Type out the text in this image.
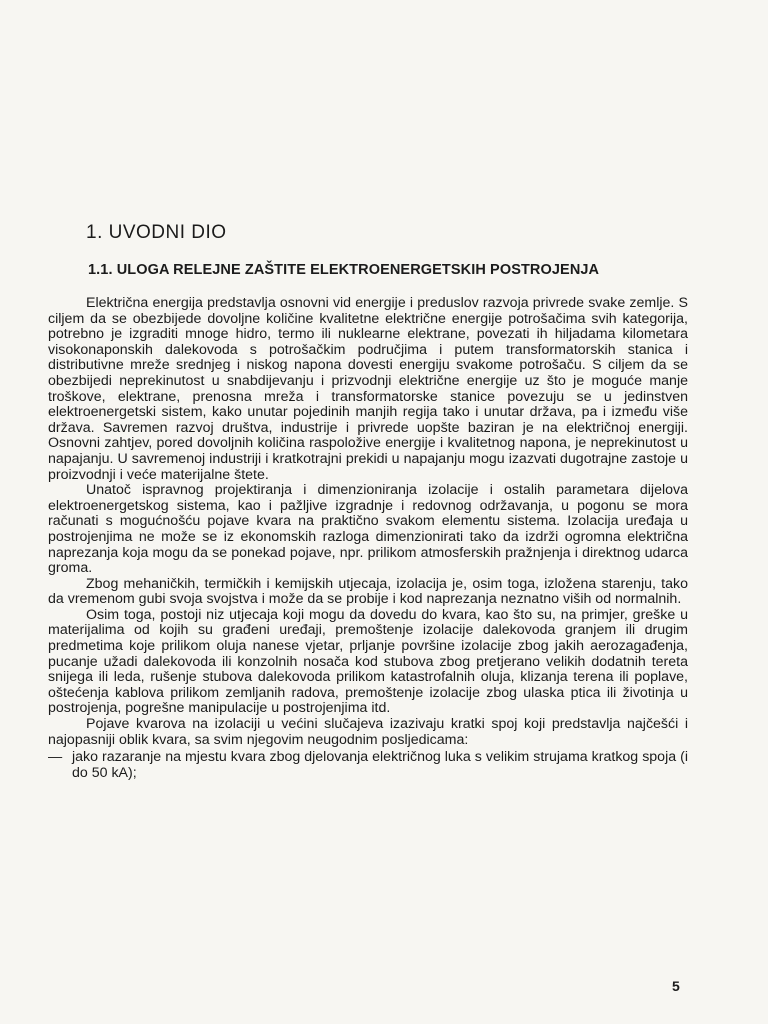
1. UVODNI DIO
1.1. ULOGA RELEJNE ZAŠTITE ELEKTROENERGETSKIH POSTROJENJA

Električna energija predstavlja osnovni vid energije i preduslov razvoja privrede svake zemlje. S ciljem da se obezbijede dovoljne količine kvalitetne električne energije potrošačima svih kategorija, potrebno je izgraditi mnoge hidro, termo ili nuklearne elektrane, povezati ih hiljadama kilometara visokonaponskih dalekovoda s potrošačkim područjima i putem transformatorskih stanica i distributivne mreže srednjeg i niskog napona dovesti energiju svakome potrošaču. S ciljem da se obezbijedi neprekinutost u snabdijevanju i prizvodnji električne energije uz što je moguće manje troškove, elektrane, prenosna mreža i transformatorske stanice povezuju se u jedinstven elektroenergetski sistem, kako unutar pojedinih manjih regija tako i unutar država, pa i između više država. Savremen razvoj društva, industrije i privrede uopšte baziran je na električnoj energiji. Osnovni zahtjev, pored dovoljnih količina raspoložive energije i kvalitetnog napona, je neprekinutost u napajanju. U savremenoj industriji i kratkotrajni prekidi u napajanju mogu izazvati dugotrajne zastoje u proizvodnji i veće materijalne štete.

Unatoč ispravnog projektiranja i dimenzioniranja izolacije i ostalih parametara dijelova elektroenergetskog sistema, kao i pažljive izgradnje i redovnog održavanja, u pogonu se mora računati s mogućnošću pojave kvara na praktično svakom elementu sistema. Izolacija uređaja u postrojenjima ne može se iz ekonomskih razloga dimenzionirati tako da izdrži ogromna električna naprezanja koja mogu da se ponekad pojave, npr. prilikom atmosferskih pražnjenja i direktnog udarca groma.

Zbog mehaničkih, termičkih i kemijskih utjecaja, izolacija je, osim toga, izložena starenju, tako da vremenom gubi svoja svojstva i može da se probije i kod naprezanja neznatno viših od normalnih.

Osim toga, postoji niz utjecaja koji mogu da dovedu do kvara, kao što su, na primjer, greške u materijalima od kojih su građeni uređaji, premoštenje izolacije dalekovoda granjem ili drugim predmetima koje prilikom oluja nanese vjetar, prljanje površine izolacije zbog jakih aerozagađenja, pucanje užadi dalekovoda ili konzolnih nosača kod stubova zbog pretjerano velikih dodatnih tereta snijega ili leda, rušenje stubova dalekovoda prilikom katastrofalnih oluja, klizanja terena ili poplave, oštećenja kablova prilikom zemljanih radova, premoštenje izolacije zbog ulaska ptica ili životinja u postrojenja, pogrešne manipulacije u postrojenjima itd.

Pojave kvarova na izolaciji u većini slučajeva izazivaju kratki spoj koji predstavlja najčešći i najopasniji oblik kvara, sa svim njegovim neugodnim posljedicama:

— jako razaranje na mjestu kvara zbog djelovanja električnog luka s velikim strujama kratkog spoja (i do 50 kA);
5
